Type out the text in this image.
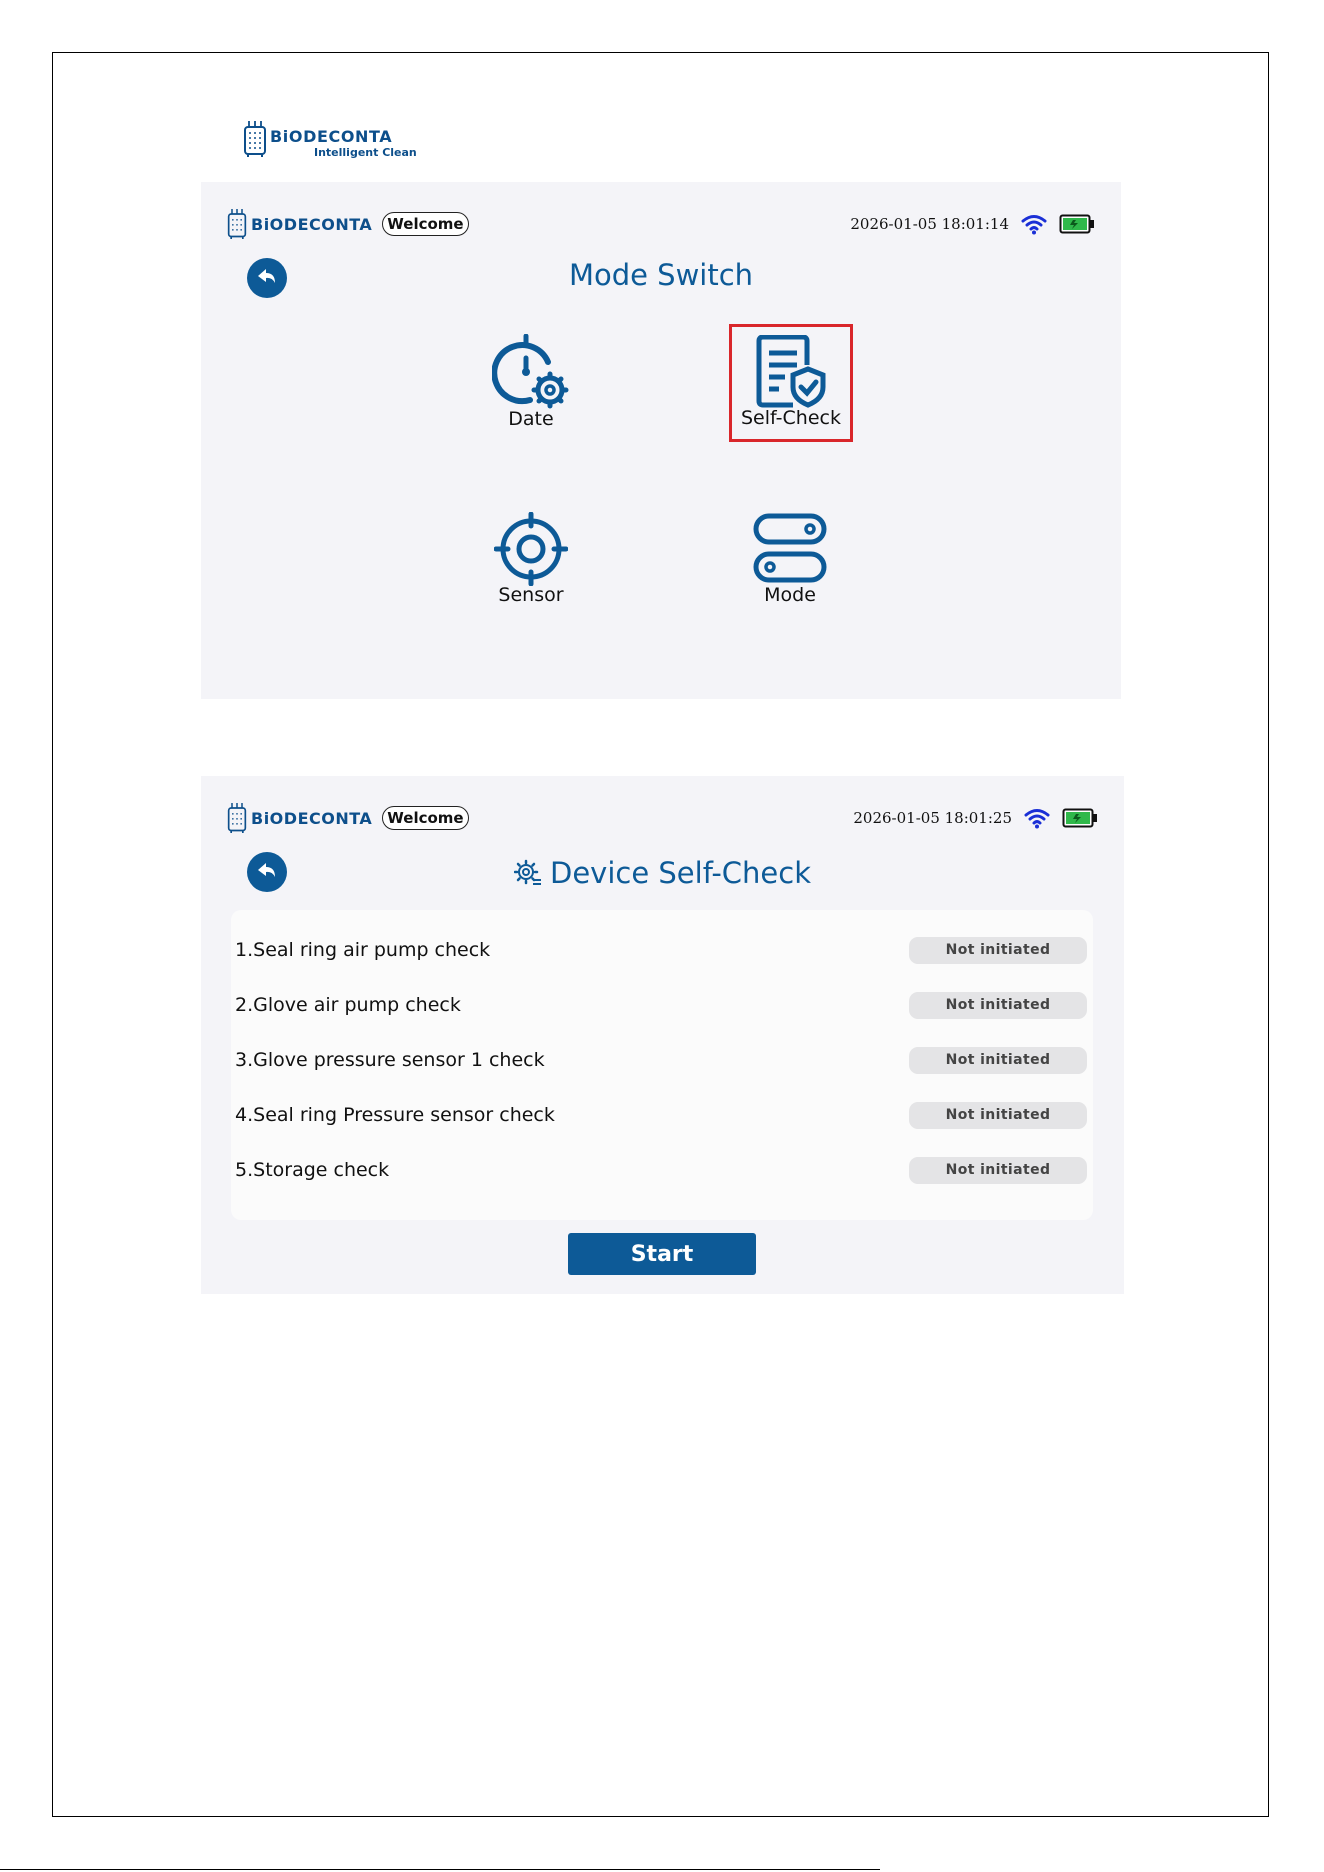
BiODECONTA
Intelligent Clean
BiODECONTA	Welcome	2026-01-05 18:01:14
Mode Switch
Date	Self-Check
Sensor	Mode
BiODECONTA	Welcome	2026-01-05 18:01:25
Device Self-Check
1.Seal ring air pump check	Not initiated
2.Glove air pump check	Not initiated
3.Glove pressure sensor 1 check	Not initiated
4.Seal ring Pressure sensor check	Not initiated
5.Storage check	Not initiated
Start
